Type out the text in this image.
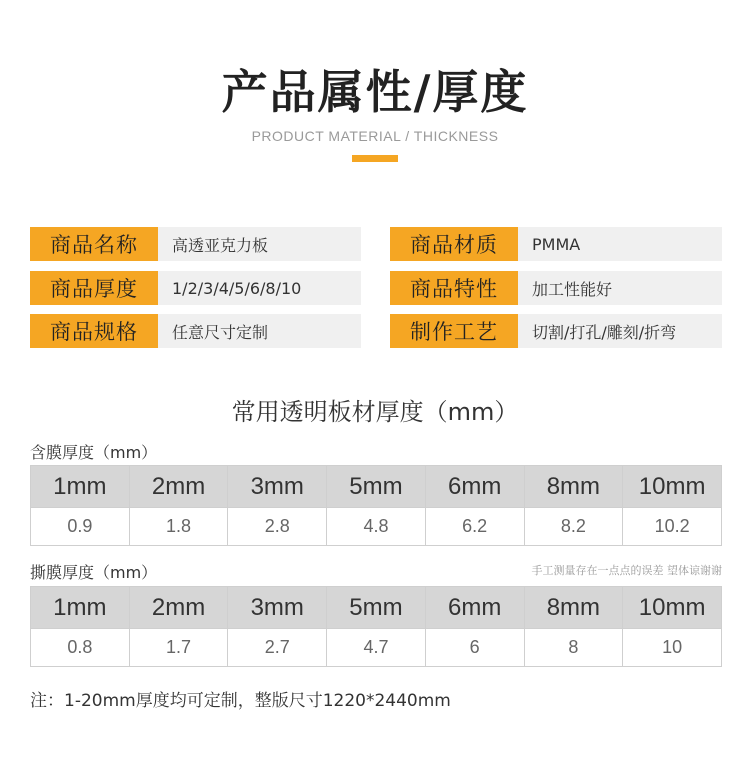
产品属性/厚度
PRODUCT MATERIAL / THICKNESS
商品名称	高透亚克力板
商品厚度	1/2/3/4/5/6/8/10
商品规格	任意尺寸定制
商品材质	PMMA
商品特性	加工性能好
制作工艺	切割/打孔/雕刻/折弯
常用透明板材厚度（mm）
含膜厚度（mm）
1mm	2mm	3mm	5mm	6mm	8mm	10mm
0.9	1.8	2.8	4.8	6.2	8.2	10.2
撕膜厚度（mm）	手工测量存在一点点的误差 望体谅谢谢
1mm	2mm	3mm	5mm	6mm	8mm	10mm
0.8	1.7	2.7	4.7	6	8	10
注：1-20mm厚度均可定制，整版尺寸1220*2440mm
